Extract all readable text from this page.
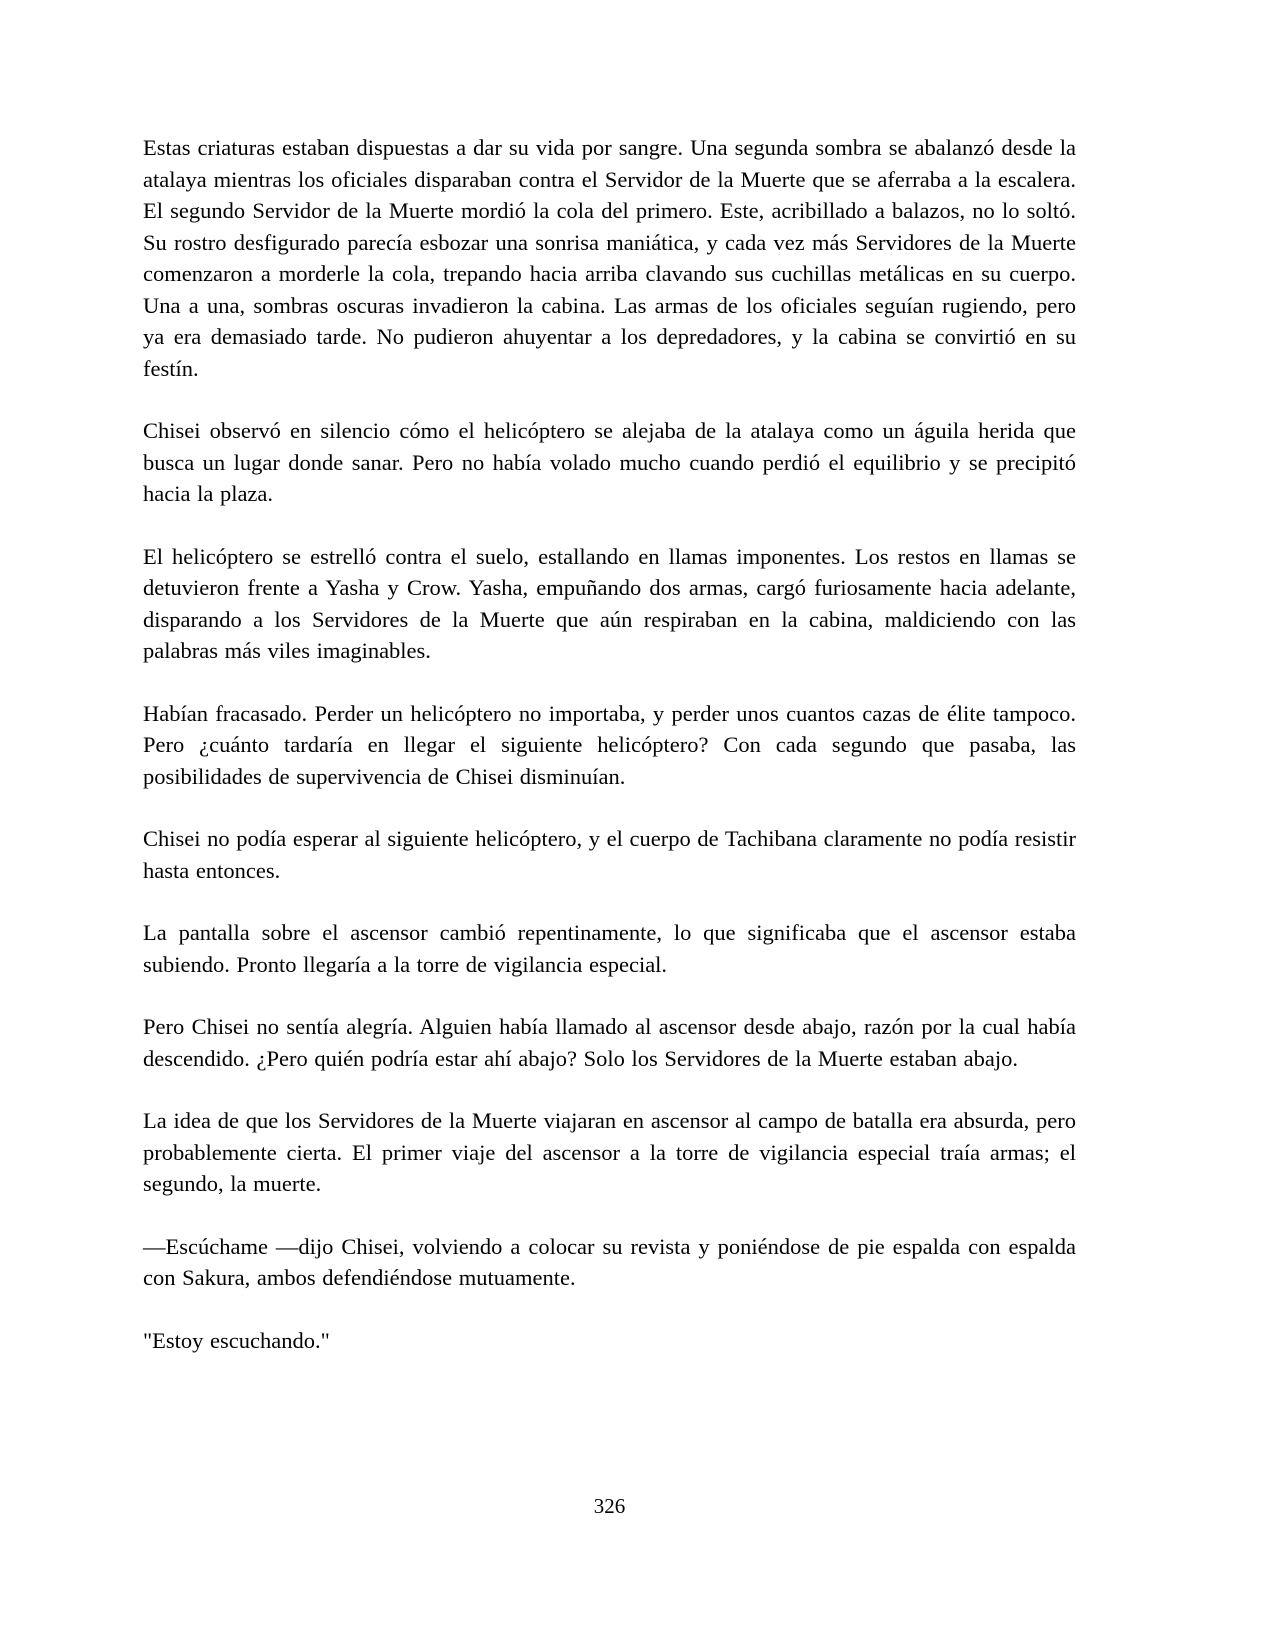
Estas criaturas estaban dispuestas a dar su vida por sangre. Una segunda sombra se abalanzó desde la atalaya mientras los oficiales disparaban contra el Servidor de la Muerte que se aferraba a la escalera. El segundo Servidor de la Muerte mordió la cola del primero. Este, acribillado a balazos, no lo soltó. Su rostro desfigurado parecía esbozar una sonrisa maniática, y cada vez más Servidores de la Muerte comenzaron a morderle la cola, trepando hacia arriba clavando sus cuchillas metálicas en su cuerpo. Una a una, sombras oscuras invadieron la cabina. Las armas de los oficiales seguían rugiendo, pero ya era demasiado tarde. No pudieron ahuyentar a los depredadores, y la cabina se convirtió en su festín.

Chisei observó en silencio cómo el helicóptero se alejaba de la atalaya como un águila herida que busca un lugar donde sanar. Pero no había volado mucho cuando perdió el equilibrio y se precipitó hacia la plaza.

El helicóptero se estrelló contra el suelo, estallando en llamas imponentes. Los restos en llamas se detuvieron frente a Yasha y Crow. Yasha, empuñando dos armas, cargó furiosamente hacia adelante, disparando a los Servidores de la Muerte que aún respiraban en la cabina, maldiciendo con las palabras más viles imaginables.

Habían fracasado. Perder un helicóptero no importaba, y perder unos cuantos cazas de élite tampoco. Pero ¿cuánto tardaría en llegar el siguiente helicóptero? Con cada segundo que pasaba, las posibilidades de supervivencia de Chisei disminuían.

Chisei no podía esperar al siguiente helicóptero, y el cuerpo de Tachibana claramente no podía resistir hasta entonces.

La pantalla sobre el ascensor cambió repentinamente, lo que significaba que el ascensor estaba subiendo. Pronto llegaría a la torre de vigilancia especial.

Pero Chisei no sentía alegría. Alguien había llamado al ascensor desde abajo, razón por la cual había descendido. ¿Pero quién podría estar ahí abajo? Solo los Servidores de la Muerte estaban abajo.

La idea de que los Servidores de la Muerte viajaran en ascensor al campo de batalla era absurda, pero probablemente cierta. El primer viaje del ascensor a la torre de vigilancia especial traía armas; el segundo, la muerte.

—Escúchame —dijo Chisei, volviendo a colocar su revista y poniéndose de pie espalda con espalda con Sakura, ambos defendiéndose mutuamente.

"Estoy escuchando."

326
